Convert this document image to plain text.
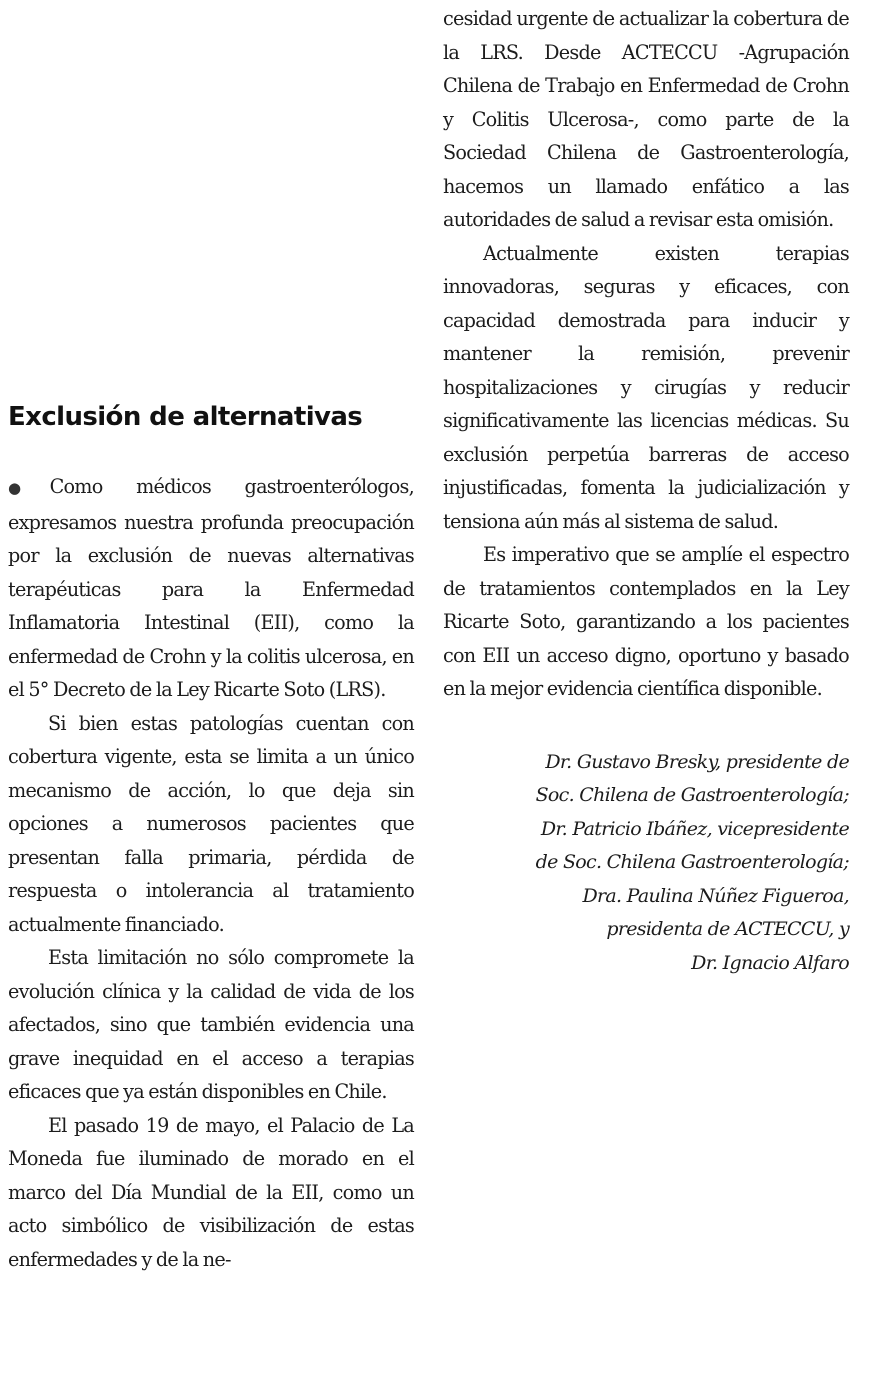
Exclusión de alternativas

●Como médicos gastroenterólogos, expresamos nuestra profunda preocupación por la exclusión de nuevas alternativas terapéuticas para la Enfermedad Inflamatoria Intestinal (EII), como la enfermedad de Crohn y la colitis ulcerosa, en el 5° Decreto de la Ley Ricarte Soto (LRS).

Si bien estas patologías cuentan con cobertura vigente, esta se limita a un único mecanismo de acción, lo que deja sin opciones a numerosos pacientes que presentan falla primaria, pérdida de respuesta o intolerancia al tratamiento actualmente financiado.

Esta limitación no sólo compromete la evolución clínica y la calidad de vida de los afectados, sino que también evidencia una grave inequidad en el acceso a terapias eficaces que ya están disponibles en Chile.

El pasado 19 de mayo, el Palacio de La Moneda fue iluminado de morado en el marco del Día Mundial de la EII, como un acto simbólico de visibilización de estas enfermedades y de la ne-

cesidad urgente de actualizar la cobertura de la LRS. Desde ACTECCU -Agrupación Chilena de Trabajo en Enfermedad de Crohn y Colitis Ulcerosa-, como parte de la Sociedad Chilena de Gastroenterología, hacemos un llamado enfático a las autoridades de salud a revisar esta omisión.

Actualmente existen terapias innovadoras, seguras y eficaces, con capacidad demostrada para inducir y mantener la remisión, prevenir hospitalizaciones y cirugías y reducir significativamente las licencias médicas. Su exclusión perpetúa barreras de acceso injustificadas, fomenta la judicialización y tensiona aún más al sistema de salud.

Es imperativo que se amplíe el espectro de tratamientos contemplados en la Ley Ricarte Soto, garantizando a los pacientes con EII un acceso digno, oportuno y basado en la mejor evidencia científica disponible.

Dr. Gustavo Bresky, presidente de
Soc. Chilena de Gastroenterología;
Dr. Patricio Ibáñez, vicepresidente
de Soc. Chilena Gastroenterología;
Dra. Paulina Núñez Figueroa,
presidenta de ACTECCU, y
Dr. Ignacio Alfaro
